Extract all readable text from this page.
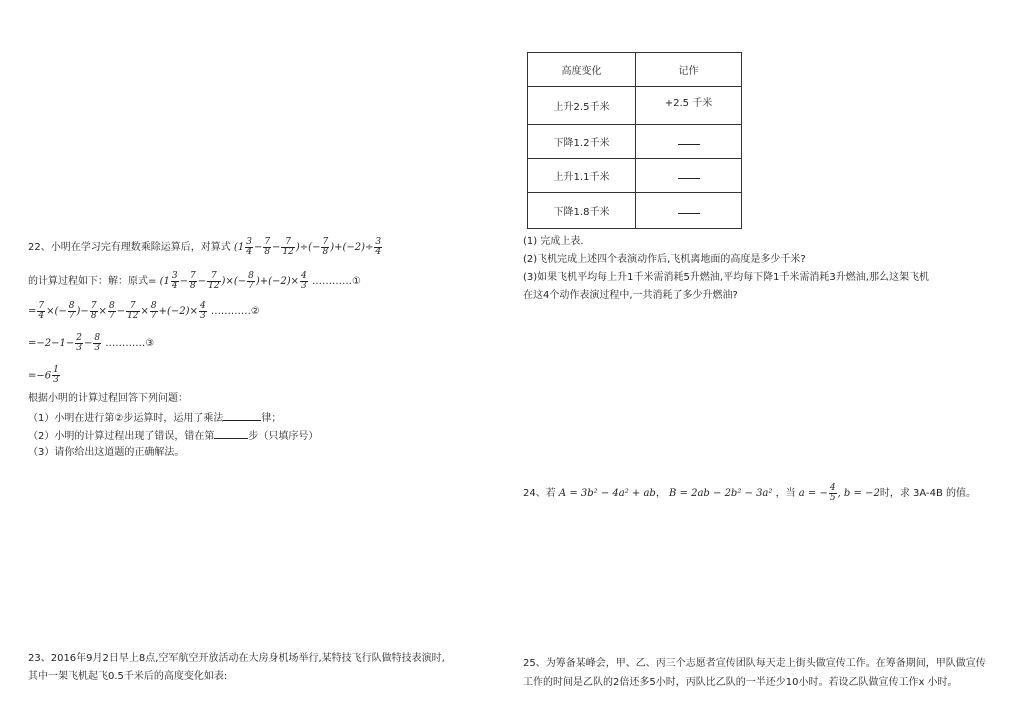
22、小明在学习完有理数乘除运算后，对算式 ($1 \frac{3}{4} - \frac{7}{8} - \frac{7}{12}$ )÷(− $\frac{7}{8} )+(-2)\div \frac{3}{4}$
的计算过程如下：解：原式= ($1 \frac{3}{4} - \frac{7}{8} - \frac{7}{12}$ )×(− $\frac{8}{7} )+(-2)\times \frac{4}{3}$ …………①
= $\frac{7}{4}$ ×(− $\frac{8}{7}$ )− $\frac{7}{8} \times \frac{8}{7} - \frac{7}{12} \times \frac{8}{7} +(-2)\times \frac{4}{3}$ …………②
$=-2-1- \frac{2}{3} - \frac{8}{3}$ …………③
$=-6 \frac{1}{3}$
根据小明的计算过程回答下列问题：
（1）小明在进行第②步运算时，运用了乘法	律；
（2）小明的计算过程出现了错误，错在第	步（只填序号）
（3）请你给出这道题的正确解法。
23、2016年9月2日早上8点,空军航空开放活动在大房身机场举行,某特技飞行队做特技表演时,
其中一架飞机起飞0.5千米后的高度变化如表:
高度变化	记作
上升2.5千米	+2.5 千米
下降1.2千米	
上升1.1千米	
下降1.8千米	
(1) 完成上表.
(2)飞机完成上述四个表演动作后,飞机离地面的高度是多少千米?
(3)如果飞机平均每上升1千米需消耗5升燃油,平均每下降1千米需消耗3升燃油,那么这架飞机
在这4个动作表演过程中,一共消耗了多少升燃油?
24、若 A = 3b² − 4a² + ab， B = 2ab − 2b² − 3a² ，当 a = − $\frac{4}{5}$ , b = −2时，求 3A-4B 的值。
25、为筹备某峰会，甲、乙、丙三个志愿者宣传团队每天走上街头做宣传工作。在筹备期间，甲队做宣传
工作的时间是乙队的2倍还多5小时，丙队比乙队的一半还少10小时。若设乙队做宣传工作x 小时。
